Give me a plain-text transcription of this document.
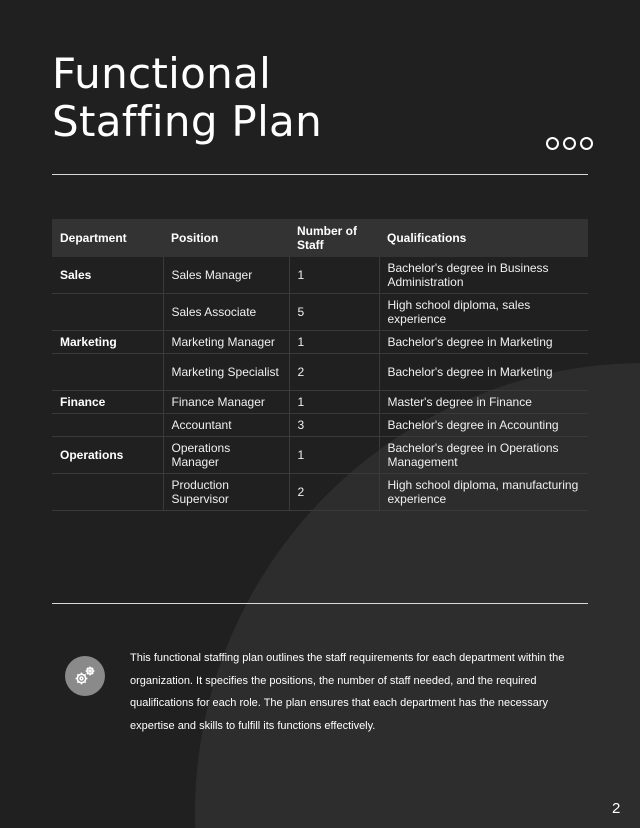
Functional
Staffing Plan
Department	Position	Number of Staff	Qualifications
Sales	Sales Manager	1	Bachelor's degree in Business Administration
	Sales Associate	5	High school diploma, sales experience
Marketing	Marketing Manager	1	Bachelor's degree in Marketing
	Marketing Specialist	2	Bachelor's degree in Marketing
Finance	Finance Manager	1	Master's degree in Finance
	Accountant	3	Bachelor's degree in Accounting
Operations	Operations Manager	1	Bachelor's degree in Operations Management
	Production Supervisor	2	High school diploma, manufacturing experience

This functional staffing plan outlines the staff requirements for each department within the organization. It specifies the positions, the number of staff needed, and the required qualifications for each role. The plan ensures that each department has the necessary expertise and skills to fulfill its functions effectively.

2
